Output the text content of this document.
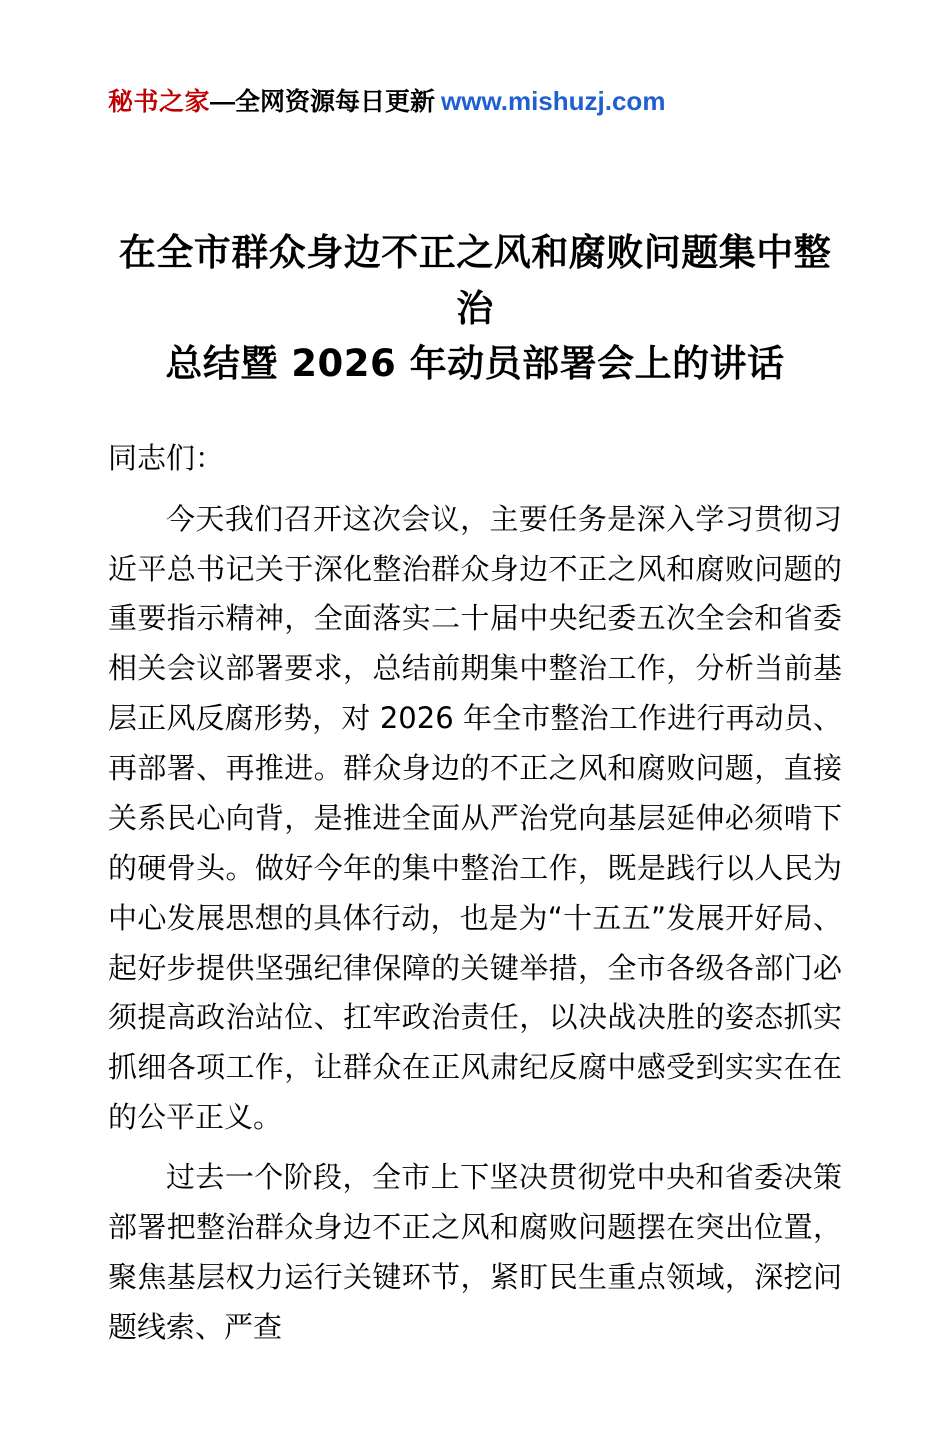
秘书之家—全网资源每日更新 www.mishuzj.com
在全市群众身边不正之风和腐败问题集中整治
总结暨 2026 年动员部署会上的讲话
同志们：
今天我们召开这次会议，主要任务是深入学习贯彻习近平总书记关于深化整治群众身边不正之风和腐败问题的重要指示精神，全面落实二十届中央纪委五次全会和省委相关会议部署要求，总结前期集中整治工作，分析当前基层正风反腐形势，对 2026 年全市整治工作进行再动员、再部署、再推进。群众身边的不正之风和腐败问题，直接关系民心向背，是推进全面从严治党向基层延伸必须啃下的硬骨头。做好今年的集中整治工作，既是践行以人民为中心发展思想的具体行动，也是为“十五五”发展开好局、起好步提供坚强纪律保障的关键举措，全市各级各部门必须提高政治站位、扛牢政治责任，以决战决胜的姿态抓实抓细各项工作，让群众在正风肃纪反腐中感受到实实在在的公平正义。
过去一个阶段，全市上下坚决贯彻党中央和省委决策部署把整治群众身边不正之风和腐败问题摆在突出位置，聚焦基层权力运行关键环节，紧盯民生重点领域，深挖问题线索、严查
